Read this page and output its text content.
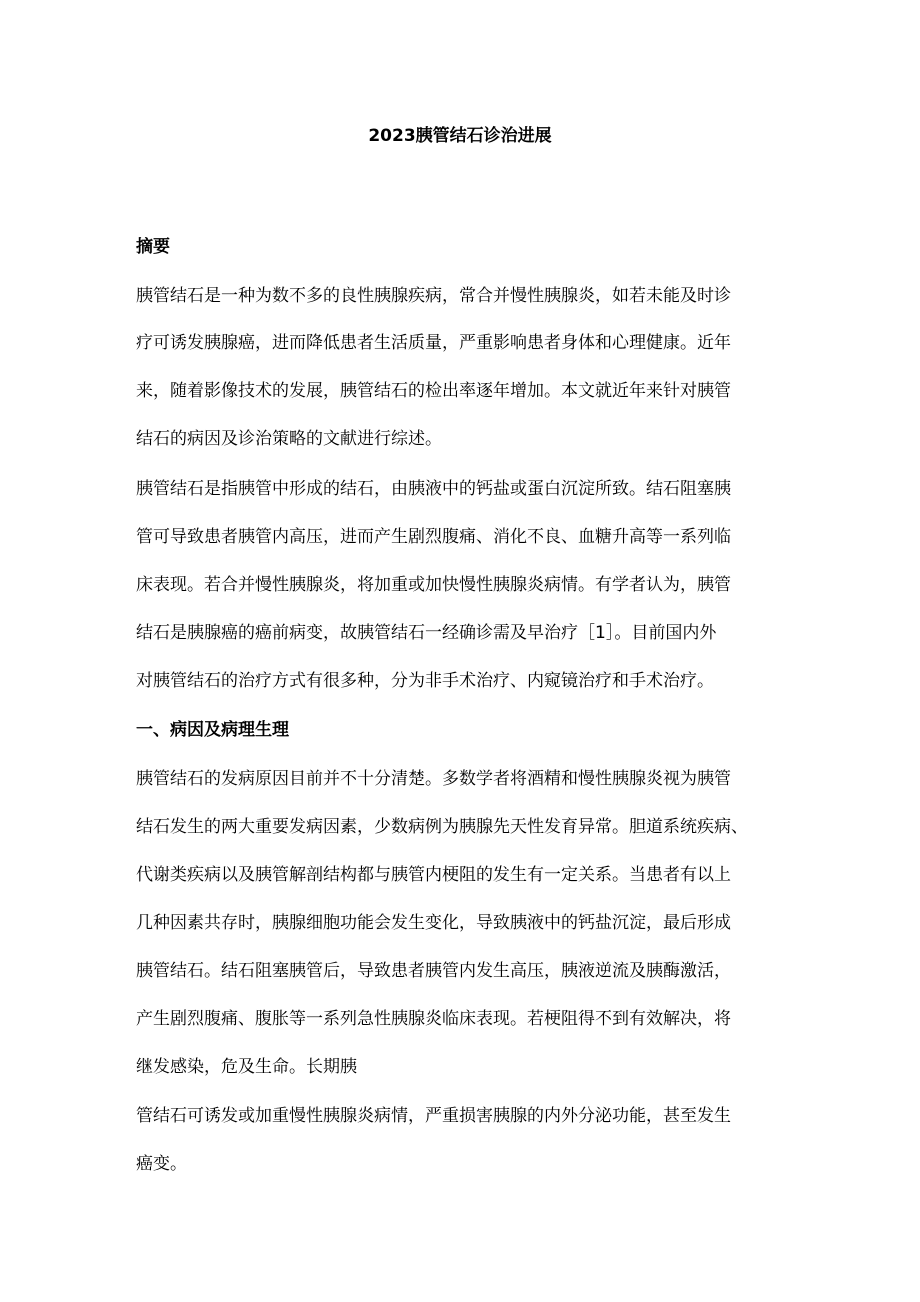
2023胰管结石诊治进展
摘要
胰管结石是一种为数不多的良性胰腺疾病，常合并慢性胰腺炎，如若未能及时诊
疗可诱发胰腺癌，进而降低患者生活质量，严重影响患者身体和心理健康。近年
来，随着影像技术的发展，胰管结石的检出率逐年增加。本文就近年来针对胰管
结石的病因及诊治策略的文献进行综述。
胰管结石是指胰管中形成的结石，由胰液中的钙盐或蛋白沉淀所致。结石阻塞胰
管可导致患者胰管内高压，进而产生剧烈腹痛、消化不良、血糖升高等一系列临
床表现。若合并慢性胰腺炎，将加重或加快慢性胰腺炎病情。有学者认为，胰管
结石是胰腺癌的癌前病变，故胰管结石一经确诊需及早治疗［1］。目前国内外
对胰管结石的治疗方式有很多种，分为非手术治疗、内窥镜治疗和手术治疗。
一、病因及病理生理
胰管结石的发病原因目前并不十分清楚。多数学者将酒精和慢性胰腺炎视为胰管
结石发生的两大重要发病因素，少数病例为胰腺先天性发育异常。胆道系统疾病、
代谢类疾病以及胰管解剖结构都与胰管内梗阻的发生有一定关系。当患者有以上
几种因素共存时，胰腺细胞功能会发生变化，导致胰液中的钙盐沉淀，最后形成
胰管结石。结石阻塞胰管后，导致患者胰管内发生高压，胰液逆流及胰酶激活，
产生剧烈腹痛、腹胀等一系列急性胰腺炎临床表现。若梗阻得不到有效解决，将
继发感染，危及生命。长期胰
管结石可诱发或加重慢性胰腺炎病情，严重损害胰腺的内外分泌功能，甚至发生
癌变。
